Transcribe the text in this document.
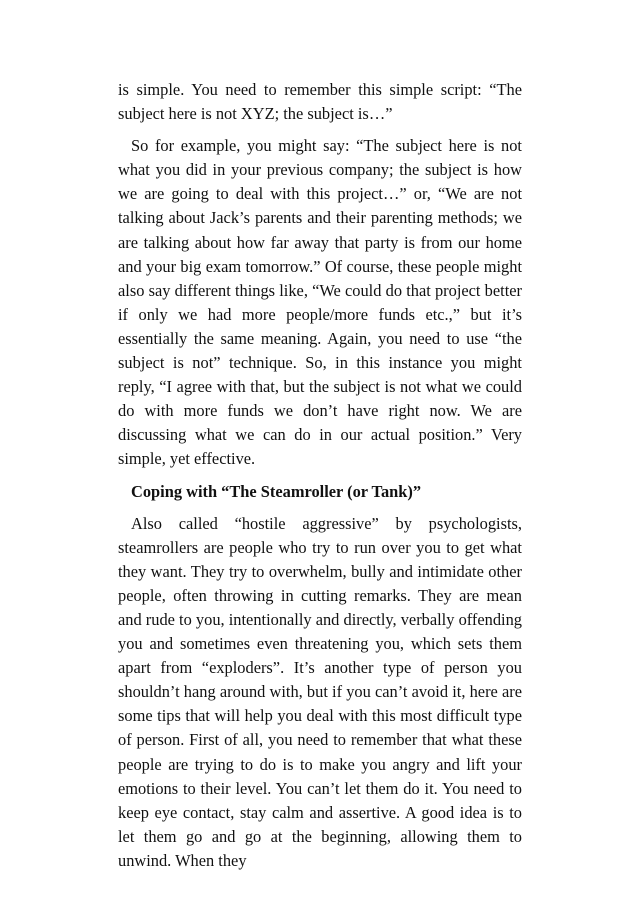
is simple. You need to remember this simple script: “The subject here is not XYZ; the subject is…”

So for example, you might say: “The subject here is not what you did in your previous company; the subject is how we are going to deal with this project…” or, “We are not talking about Jack’s parents and their parenting methods; we are talking about how far away that party is from our home and your big exam tomorrow.” Of course, these people might also say different things like, “We could do that project better if only we had more people/more funds etc.,” but it’s essentially the same meaning. Again, you need to use “the subject is not” technique. So, in this instance you might reply, “I agree with that, but the subject is not what we could do with more funds we don’t have right now. We are discussing what we can do in our actual position.” Very simple, yet effective.

Coping with “The Steamroller (or Tank)”

Also called “hostile aggressive” by psychologists, steamrollers are people who try to run over you to get what they want. They try to overwhelm, bully and intimidate other people, often throwing in cutting remarks. They are mean and rude to you, intentionally and directly, verbally offending you and sometimes even threatening you, which sets them apart from “exploders”. It’s another type of person you shouldn’t hang around with, but if you can’t avoid it, here are some tips that will help you deal with this most difficult type of person. First of all, you need to remember that what these people are trying to do is to make you angry and lift your emotions to their level. You can’t let them do it. You need to keep eye contact, stay calm and assertive. A good idea is to let them go and go at the beginning, allowing them to unwind. When they
